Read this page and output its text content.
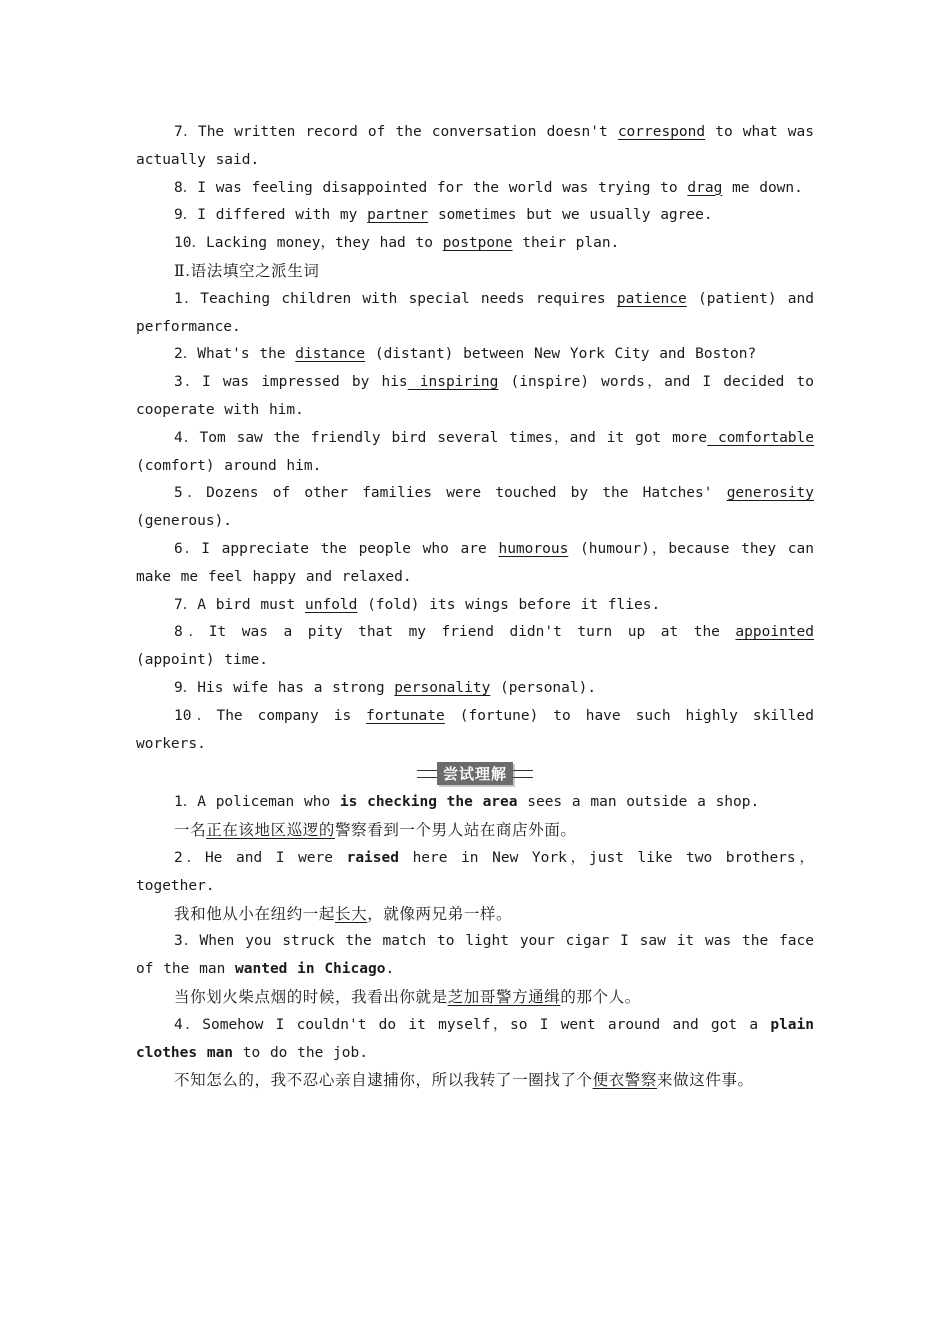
7．The written record of the conversation doesn't correspond to what was actually said.

8．I was feeling disappointed for the world was trying to drag me down.

9．I differed with my partner sometimes but we usually agree.

10．Lacking money，they had to postpone their plan.

Ⅱ.语法填空之派生词

1．Teaching children with special needs requires patience (patient) and performance.

2．What's the distance (distant) between New York City and Boston?

3．I was impressed by his inspiring (inspire) words，and I decided to cooperate with him.

4．Tom saw the friendly bird several times，and it got more comfortable (comfort) around him.

5．Dozens of other families were touched by the Hatches' generosity (generous).

6．I appreciate the people who are humorous (humour)，because they can make me feel happy and relaxed.

7．A bird must unfold (fold) its wings before it flies.

8．It was a pity that my friend didn't turn up at the appointed (appoint) time.

9．His wife has a strong personality (personal).

10．The company is fortunate (fortune) to have such highly skilled workers.

尝试理解

1．A policeman who is checking the area sees a man outside a shop.

一名正在该地区巡逻的警察看到一个男人站在商店外面。

2．He and I were raised here in New York，just like two brothers，together.

我和他从小在纽约一起长大，就像两兄弟一样。

3．When you struck the match to light your cigar I saw it was the face of the man wanted in Chicago.

当你划火柴点烟的时候，我看出你就是芝加哥警方通缉的那个人。

4．Somehow I couldn't do it myself，so I went around and got a plain clothes man to do the job.

不知怎么的，我不忍心亲自逮捕你，所以我转了一圈找了个便衣警察来做这件事。
